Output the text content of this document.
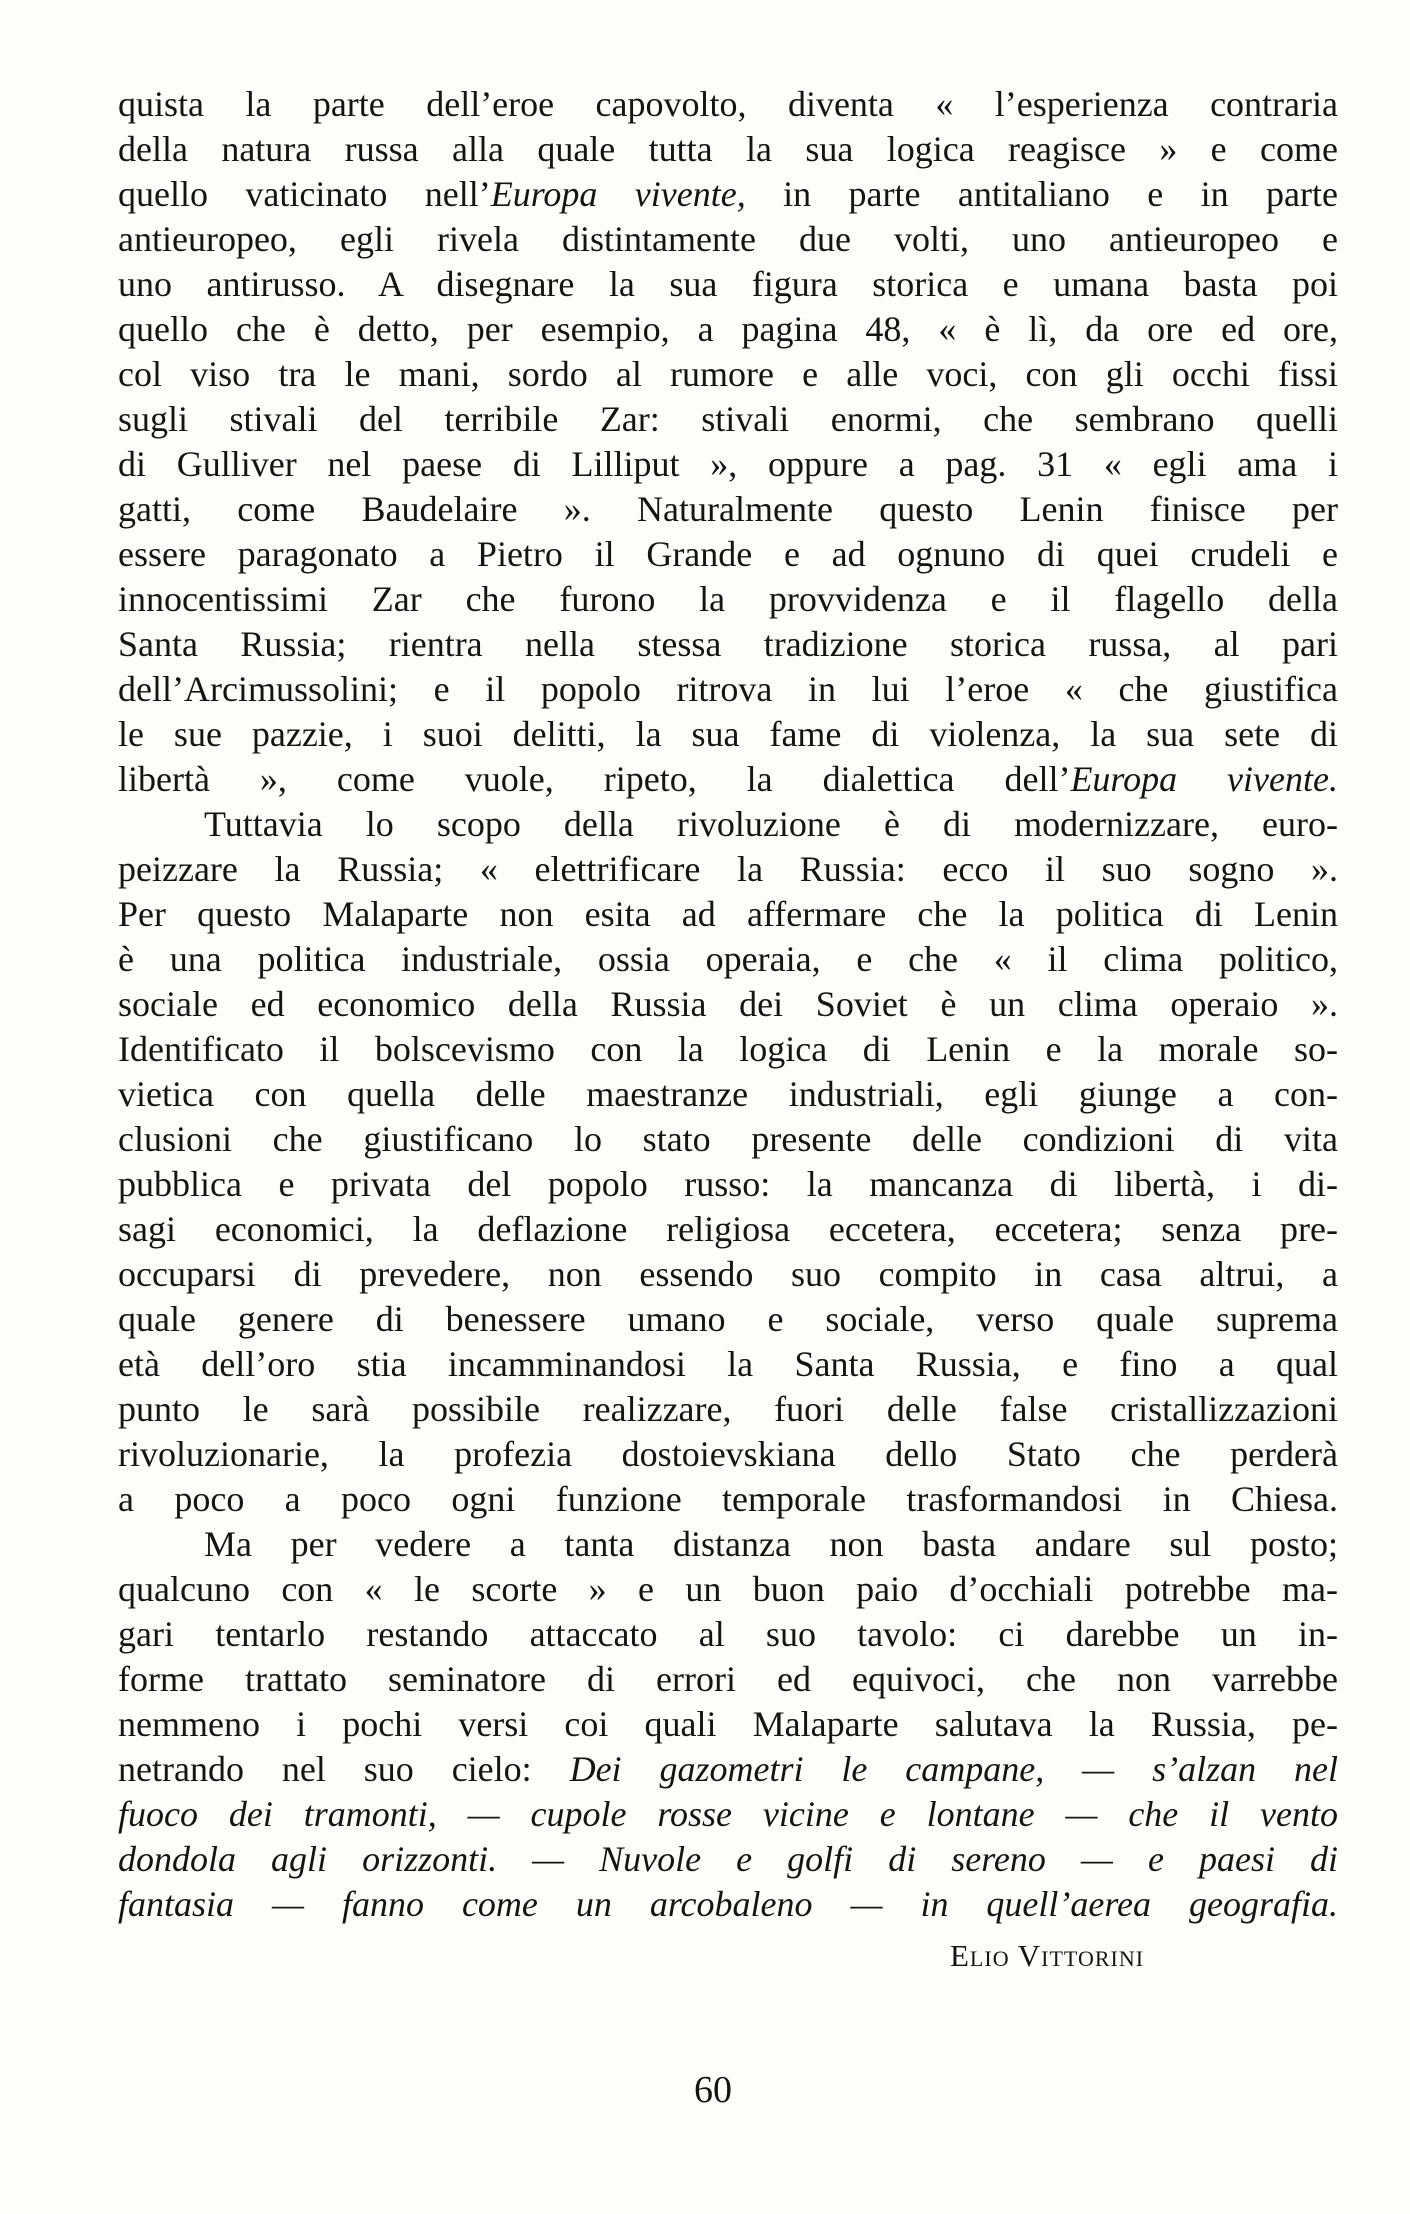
quista la parte dell’eroe capovolto, diventa « l’esperienza contraria
della natura russa alla quale tutta la sua logica reagisce » e come
quello vaticinato nell’Europa vivente, in parte antitaliano e in parte
antieuropeo, egli rivela distintamente due volti, uno antieuropeo e
uno antirusso. A disegnare la sua figura storica e umana basta poi
quello che è detto, per esempio, a pagina 48, « è lì, da ore ed ore,
col viso tra le mani, sordo al rumore e alle voci, con gli occhi fissi
sugli stivali del terribile Zar: stivali enormi, che sembrano quelli
di Gulliver nel paese di Lilliput », oppure a pag. 31 « egli ama i
gatti, come Baudelaire ». Naturalmente questo Lenin finisce per
essere paragonato a Pietro il Grande e ad ognuno di quei crudeli e
innocentissimi Zar che furono la provvidenza e il flagello della
Santa Russia; rientra nella stessa tradizione storica russa, al pari
dell’Arcimussolini; e il popolo ritrova in lui l’eroe « che giustifica
le sue pazzie, i suoi delitti, la sua fame di violenza, la sua sete di
libertà », come vuole, ripeto, la dialettica dell’Europa vivente.

Tuttavia lo scopo della rivoluzione è di modernizzare, euro-
peizzare la Russia; « elettrificare la Russia: ecco il suo sogno ».
Per questo Malaparte non esita ad affermare che la politica di Lenin
è una politica industriale, ossia operaia, e che « il clima politico,
sociale ed economico della Russia dei Soviet è un clima operaio ».
Identificato il bolscevismo con la logica di Lenin e la morale so-
vietica con quella delle maestranze industriali, egli giunge a con-
clusioni che giustificano lo stato presente delle condizioni di vita
pubblica e privata del popolo russo: la mancanza di libertà, i di-
sagi economici, la deflazione religiosa eccetera, eccetera; senza pre-
occuparsi di prevedere, non essendo suo compito in casa altrui, a
quale genere di benessere umano e sociale, verso quale suprema
età dell’oro stia incamminandosi la Santa Russia, e fino a qual
punto le sarà possibile realizzare, fuori delle false cristallizzazioni
rivoluzionarie, la profezia dostoievskiana dello Stato che perderà
a poco a poco ogni funzione temporale trasformandosi in Chiesa.

Ma per vedere a tanta distanza non basta andare sul posto;
qualcuno con « le scorte » e un buon paio d’occhiali potrebbe ma-
gari tentarlo restando attaccato al suo tavolo: ci darebbe un in-
forme trattato seminatore di errori ed equivoci, che non varrebbe
nemmeno i pochi versi coi quali Malaparte salutava la Russia, pe-
netrando nel suo cielo: Dei gazometri le campane, — s’alzan nel
fuoco dei tramonti, — cupole rosse vicine e lontane — che il vento
dondola agli orizzonti. — Nuvole e golfi di sereno — e paesi di
fantasia — fanno come un arcobaleno — in quell’aerea geografia.

Elio Vittorini
60
